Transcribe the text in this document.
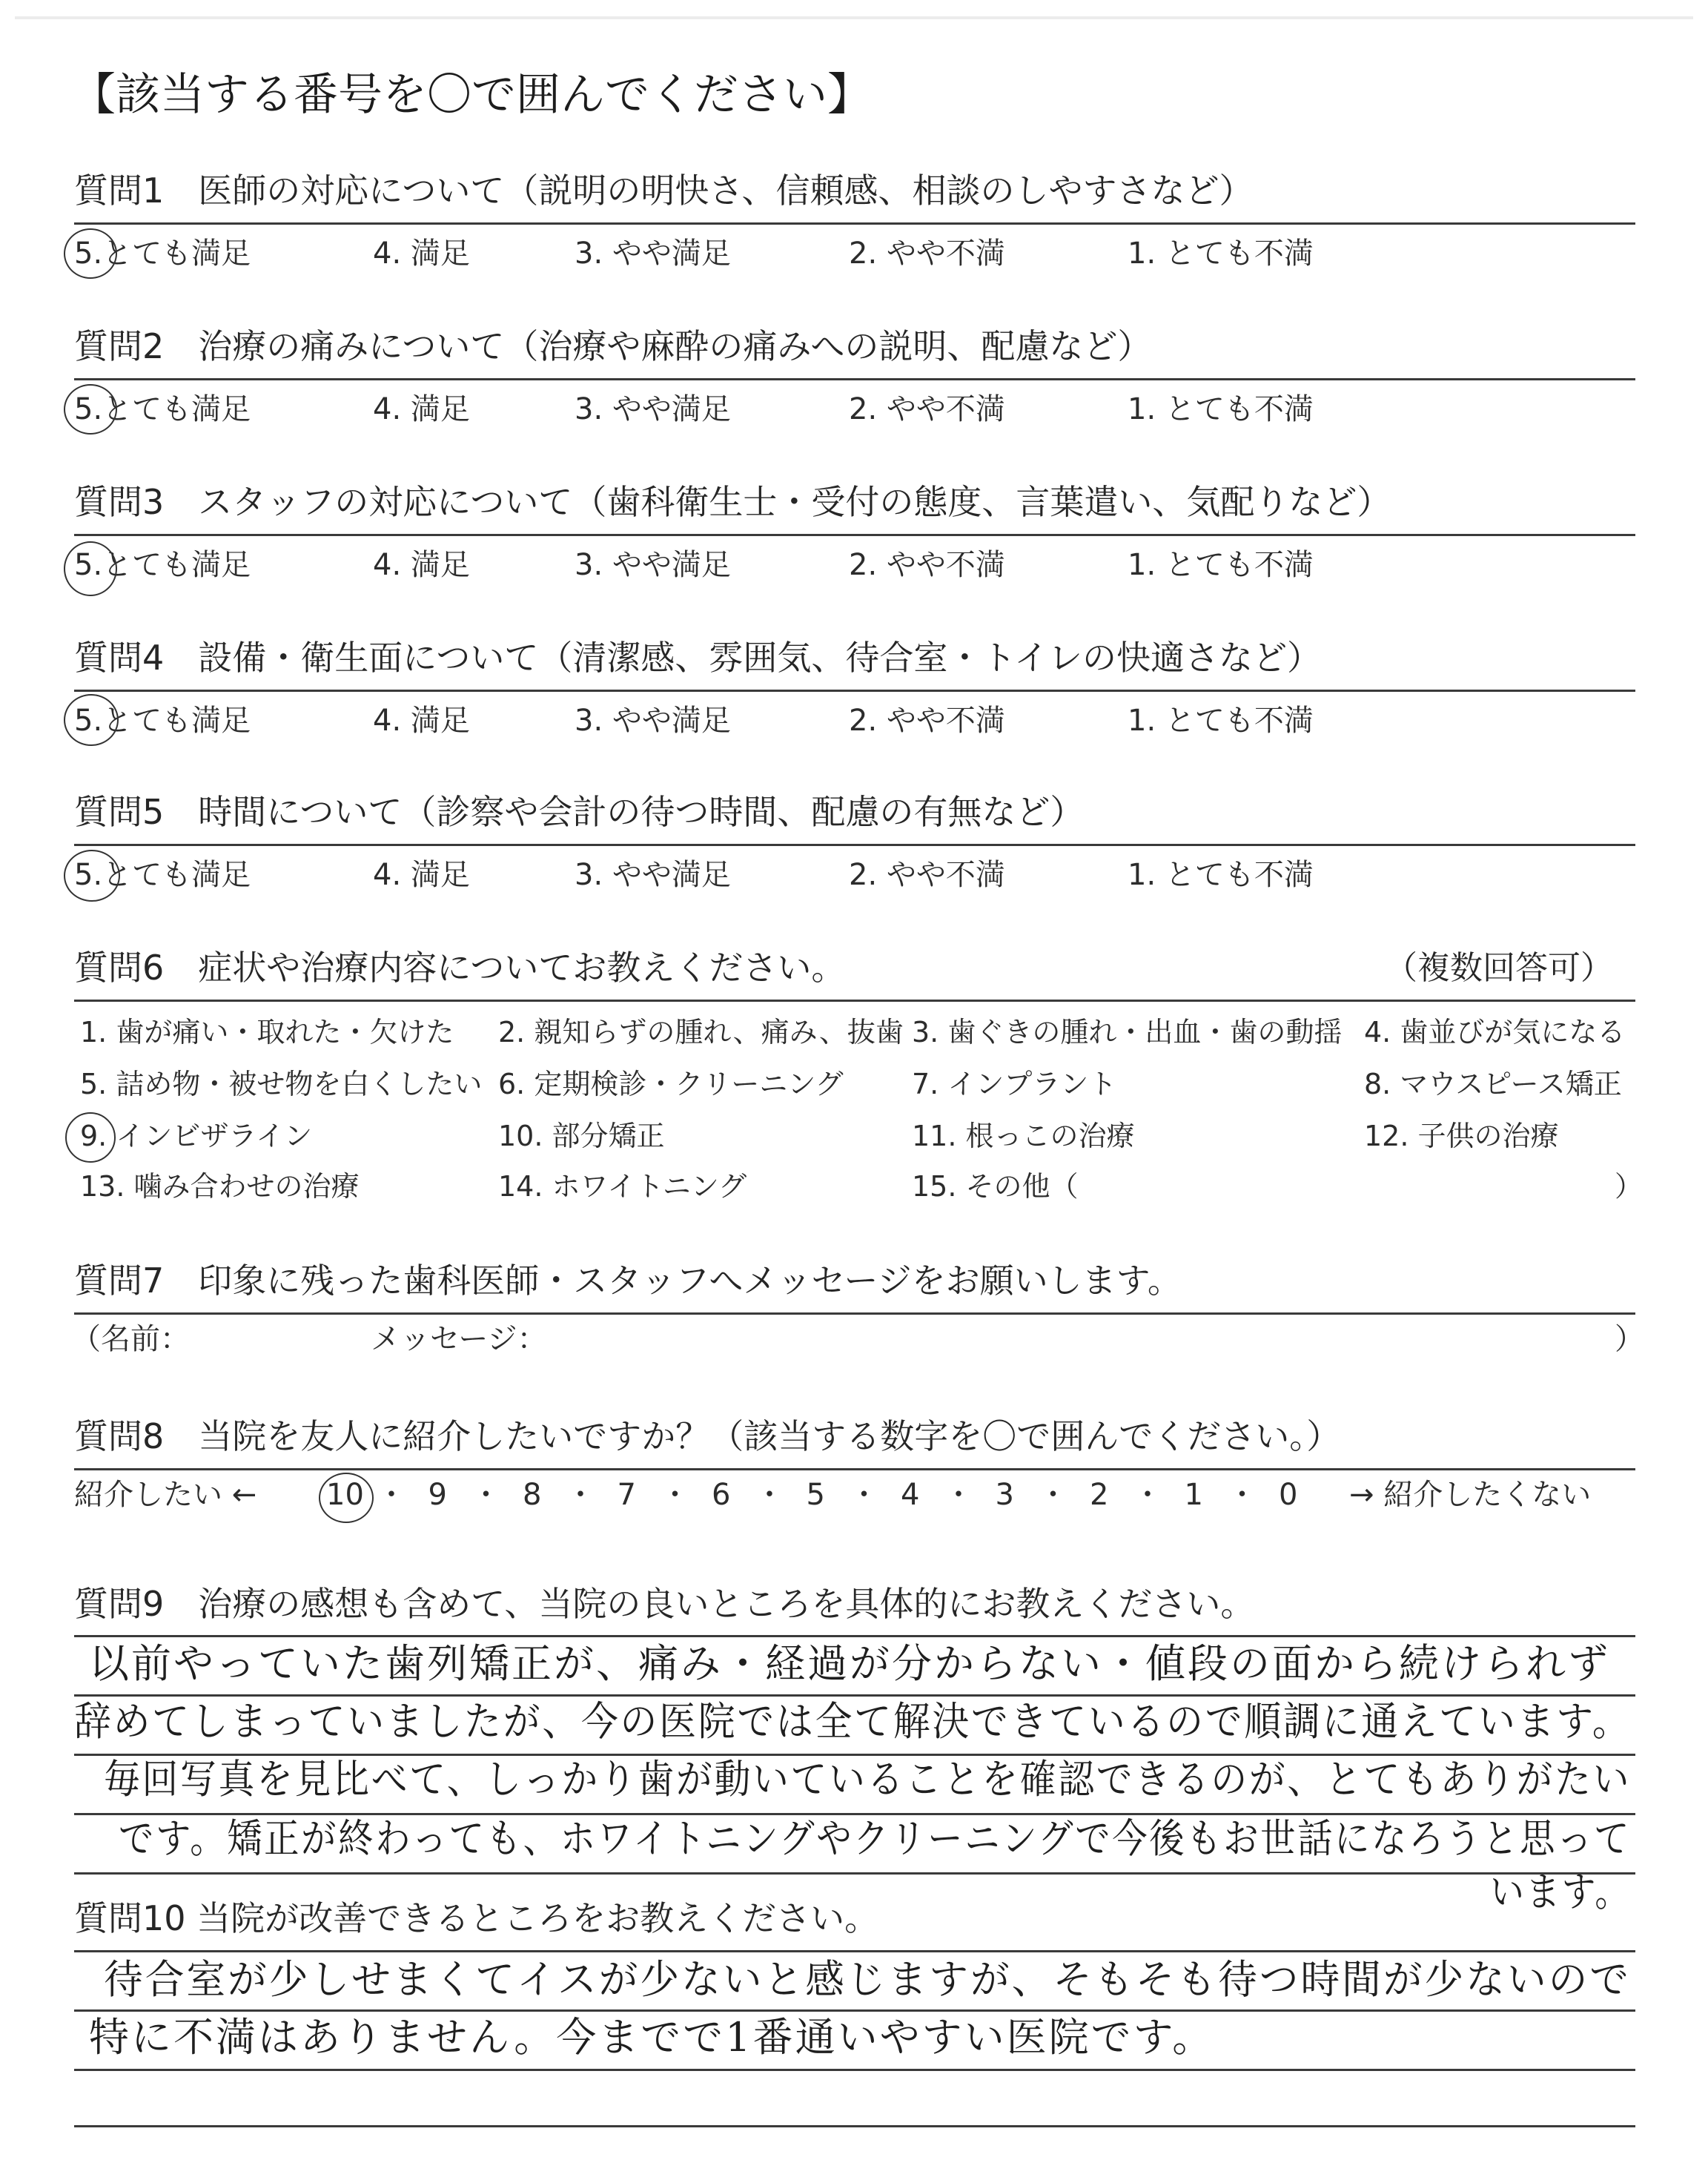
【該当する番号を〇で囲んでください】
質問1　医師の対応について（説明の明快さ、信頼感、相談のしやすさなど）
5.とても満足	4. 満足	3. やや満足	2. やや不満	1. とても不満
質問2　治療の痛みについて（治療や麻酔の痛みへの説明、配慮など）
5.とても満足	4. 満足	3. やや満足	2. やや不満	1. とても不満
質問3　スタッフの対応について（歯科衛生士・受付の態度、言葉遣い、気配りなど）
5.とても満足	4. 満足	3. やや満足	2. やや不満	1. とても不満
質問4　設備・衛生面について（清潔感、雰囲気、待合室・トイレの快適さなど）
5.とても満足	4. 満足	3. やや満足	2. やや不満	1. とても不満
質問5　時間について（診察や会計の待つ時間、配慮の有無など）
5.とても満足	4. 満足	3. やや満足	2. やや不満	1. とても不満
質問6　症状や治療内容についてお教えください。	（複数回答可）
1. 歯が痛い・取れた・欠けた 2. 親知らずの腫れ、痛み、抜歯 3. 歯ぐきの腫れ・出血・歯の動揺 4. 歯並びが気になる
5. 詰め物・被せ物を白くしたい 6. 定期検診・クリーニング 7. インプラント	8. マウスピース矯正
9. インビザライン	10. 部分矯正	11. 根っこの治療	12. 子供の治療
13. 噛み合わせの治療	14. ホワイトニング	15. その他（	）
質問7　印象に残った歯科医師・スタッフへメッセージをお願いします。
（名前：	メッセージ：	）
質問8　当院を友人に紹介したいですか？（該当する数字を〇で囲んでください。）
紹介したい ← 10 ・ 9 ・ 8 ・ 7 ・ 6 ・ 5 ・ 4 ・ 3 ・ 2 ・ 1 ・ 0 → 紹介したくない
質問9　治療の感想も含めて、当院の良いところを具体的にお教えください。
以前やっていた歯列矯正が、痛み・経過が分からない・値段の面から続けられず
辞めてしまっていましたが、今の医院では全て解決できているので順調に通えています。
毎回写真を見比べて、しっかり歯が動いていることを確認できるのが、とてもありがたい
です。矯正が終わっても、ホワイトニングやクリーニングで今後もお世話になろうと思って
います。
質問10 当院が改善できるところをお教えください。
待合室が少しせまくてイスが少ないと感じますが、そもそも待つ時間が少ないので
特に不満はありません。今までで1番通いやすい医院です。
